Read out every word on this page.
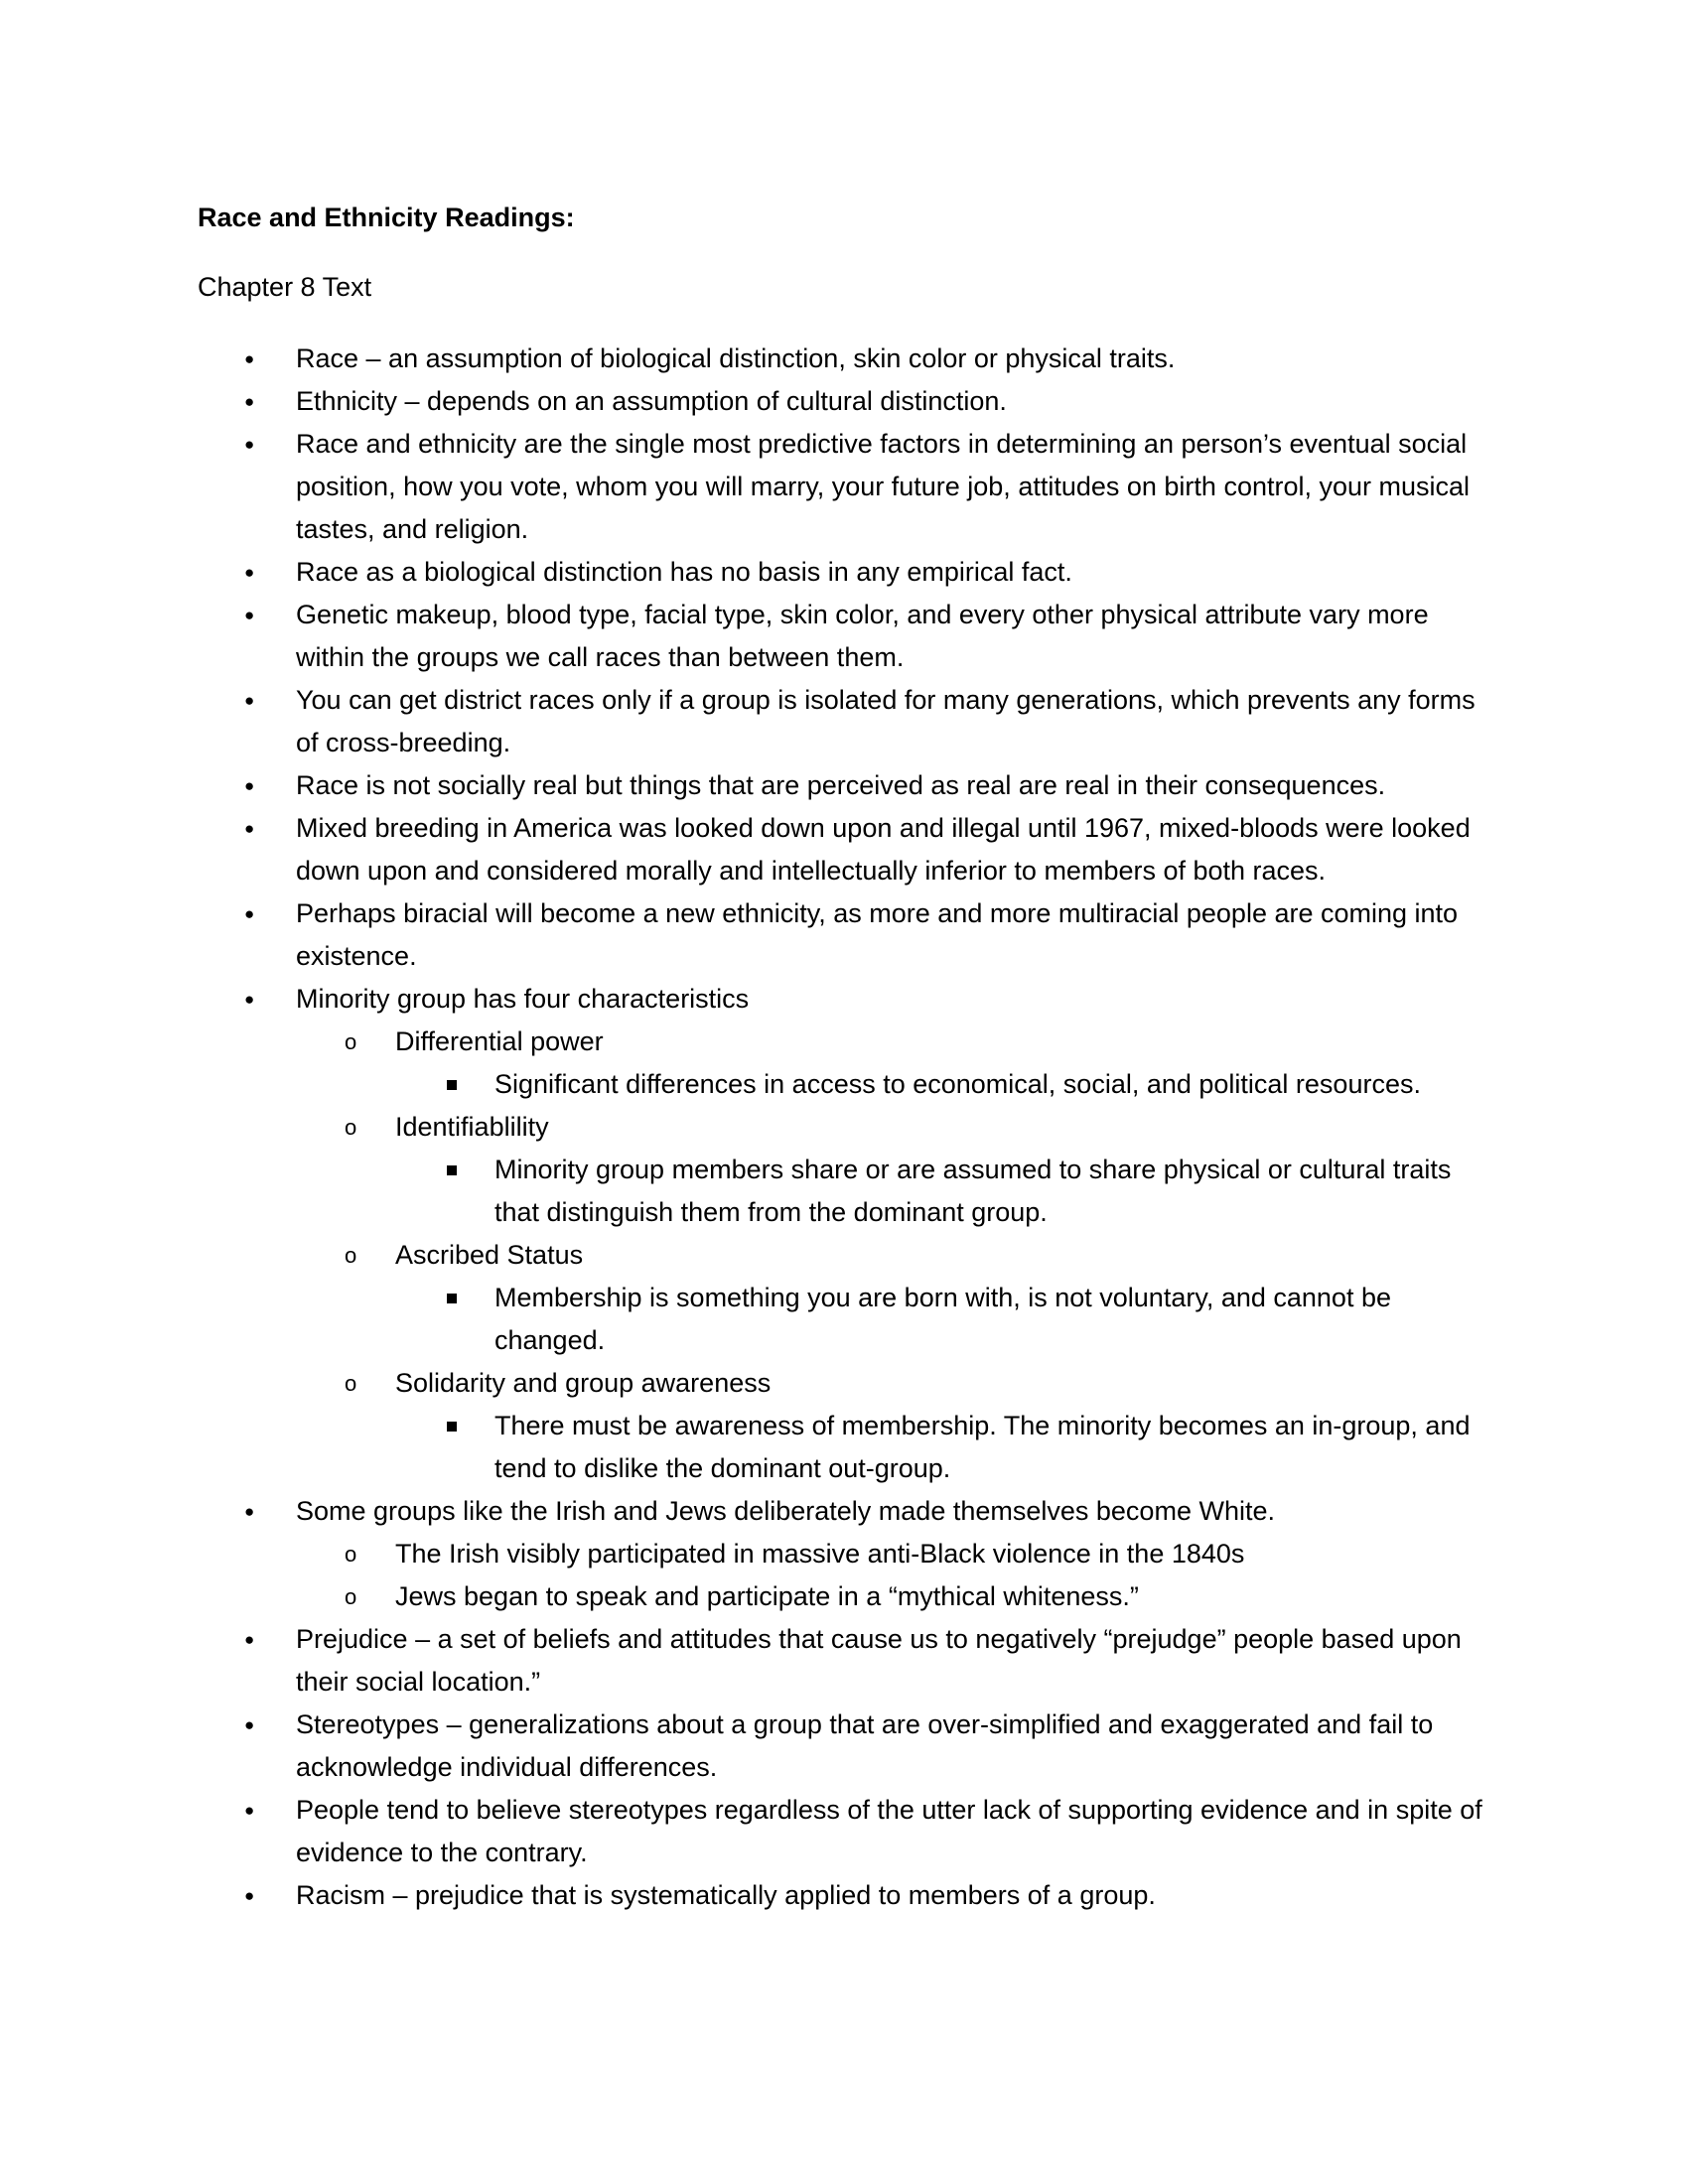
Race and Ethnicity Readings:

Chapter 8 Text

● Race – an assumption of biological distinction, skin color or physical traits.
● Ethnicity – depends on an assumption of cultural distinction.
● Race and ethnicity are the single most predictive factors in determining an person’s eventual social position, how you vote, whom you will marry, your future job, attitudes on birth control, your musical tastes, and religion.
● Race as a biological distinction has no basis in any empirical fact.
● Genetic makeup, blood type, facial type, skin color, and every other physical attribute vary more within the groups we call races than between them.
● You can get district races only if a group is isolated for many generations, which prevents any forms of cross-breeding.
● Race is not socially real but things that are perceived as real are real in their consequences.
● Mixed breeding in America was looked down upon and illegal until 1967, mixed-bloods were looked down upon and considered morally and intellectually inferior to members of both races.
● Perhaps biracial will become a new ethnicity, as more and more multiracial people are coming into existence.
● Minority group has four characteristics
o Differential power
Significant differences in access to economical, social, and political resources.
o Identifiablility
Minority group members share or are assumed to share physical or cultural traits that distinguish them from the dominant group.
o Ascribed Status
Membership is something you are born with, is not voluntary, and cannot be changed.
o Solidarity and group awareness
There must be awareness of membership. The minority becomes an in-group, and tend to dislike the dominant out-group.
● Some groups like the Irish and Jews deliberately made themselves become White.
o The Irish visibly participated in massive anti-Black violence in the 1840s
o Jews began to speak and participate in a “mythical whiteness.”
● Prejudice – a set of beliefs and attitudes that cause us to negatively “prejudge” people based upon their social location.”
● Stereotypes – generalizations about a group that are over-simplified and exaggerated and fail to acknowledge individual differences.
● People tend to believe stereotypes regardless of the utter lack of supporting evidence and in spite of evidence to the contrary.
● Racism – prejudice that is systematically applied to members of a group.
